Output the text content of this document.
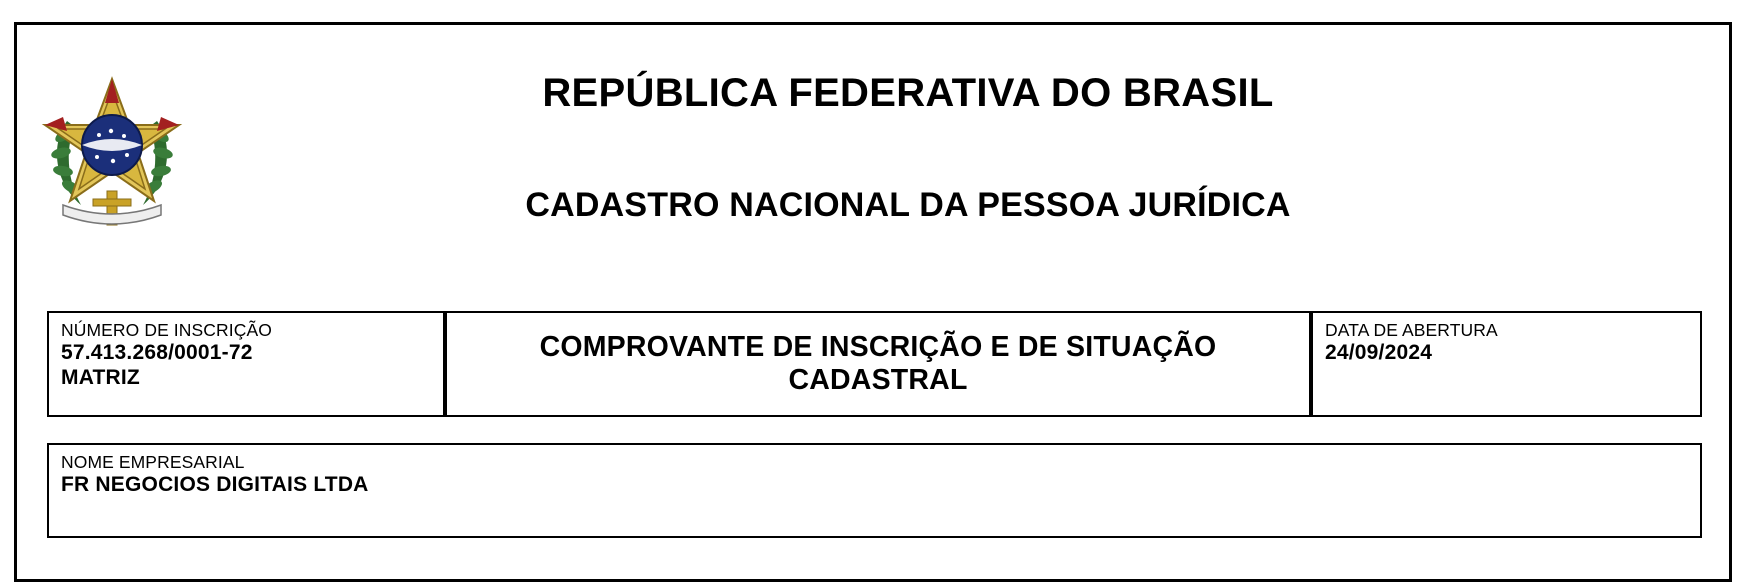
REPÚBLICA FEDERATIVA DO BRASIL
CADASTRO NACIONAL DA PESSOA JURÍDICA
NÚMERO DE INSCRIÇÃO
57.413.268/0001-72
MATRIZ
COMPROVANTE DE INSCRIÇÃO E DE SITUAÇÃO CADASTRAL
DATA DE ABERTURA
24/09/2024
NOME EMPRESARIAL
FR NEGOCIOS DIGITAIS LTDA
